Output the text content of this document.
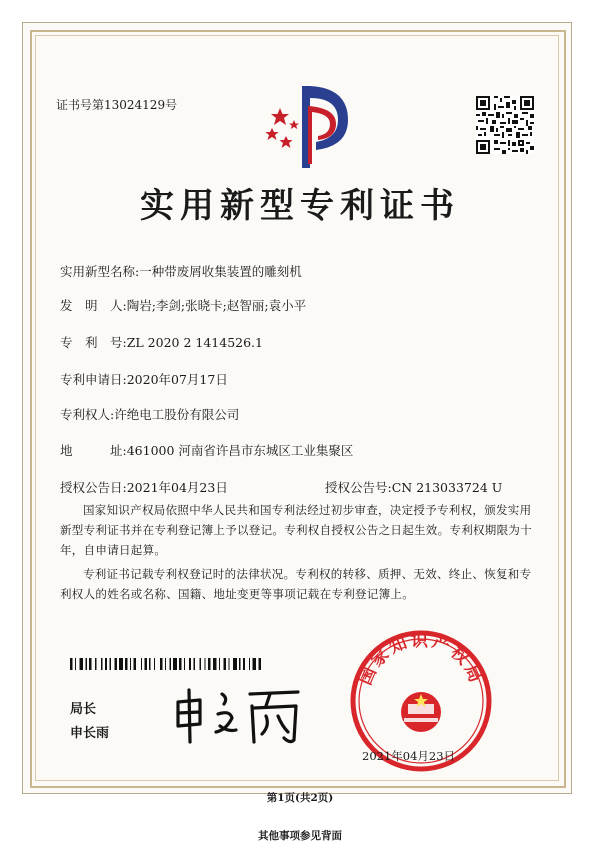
证书号第13024129号
实用新型专利证书
实用新型名称:一种带废屑收集装置的雕刻机
发　明　人:陶岩;李剑;张晓卡;赵智丽;袁小平
专　利　号:ZL 2020 2 1414526.1
专利申请日:2020年07月17日
专利权人:许绝电工股份有限公司
地　　　址:461000 河南省许昌市东城区工业集聚区
授权公告日:2021年04月23日	授权公告号:CN 213033724 U
国家知识产权局依照中华人民共和国专利法经过初步审查，决定授予专利权，颁发实用新型专利证书并在专利登记簿上予以登记。专利权自授权公告之日起生效。专利权期限为十年，自申请日起算。
专利证书记载专利权登记时的法律状况。专利权的转移、质押、无效、终止、恢复和专利权人的姓名或名称、国籍、地址变更等事项记载在专利登记簿上。
局长
申长雨
国家知识产权局
2021年04月23日
第1页(共2页)
其他事项参见背面
